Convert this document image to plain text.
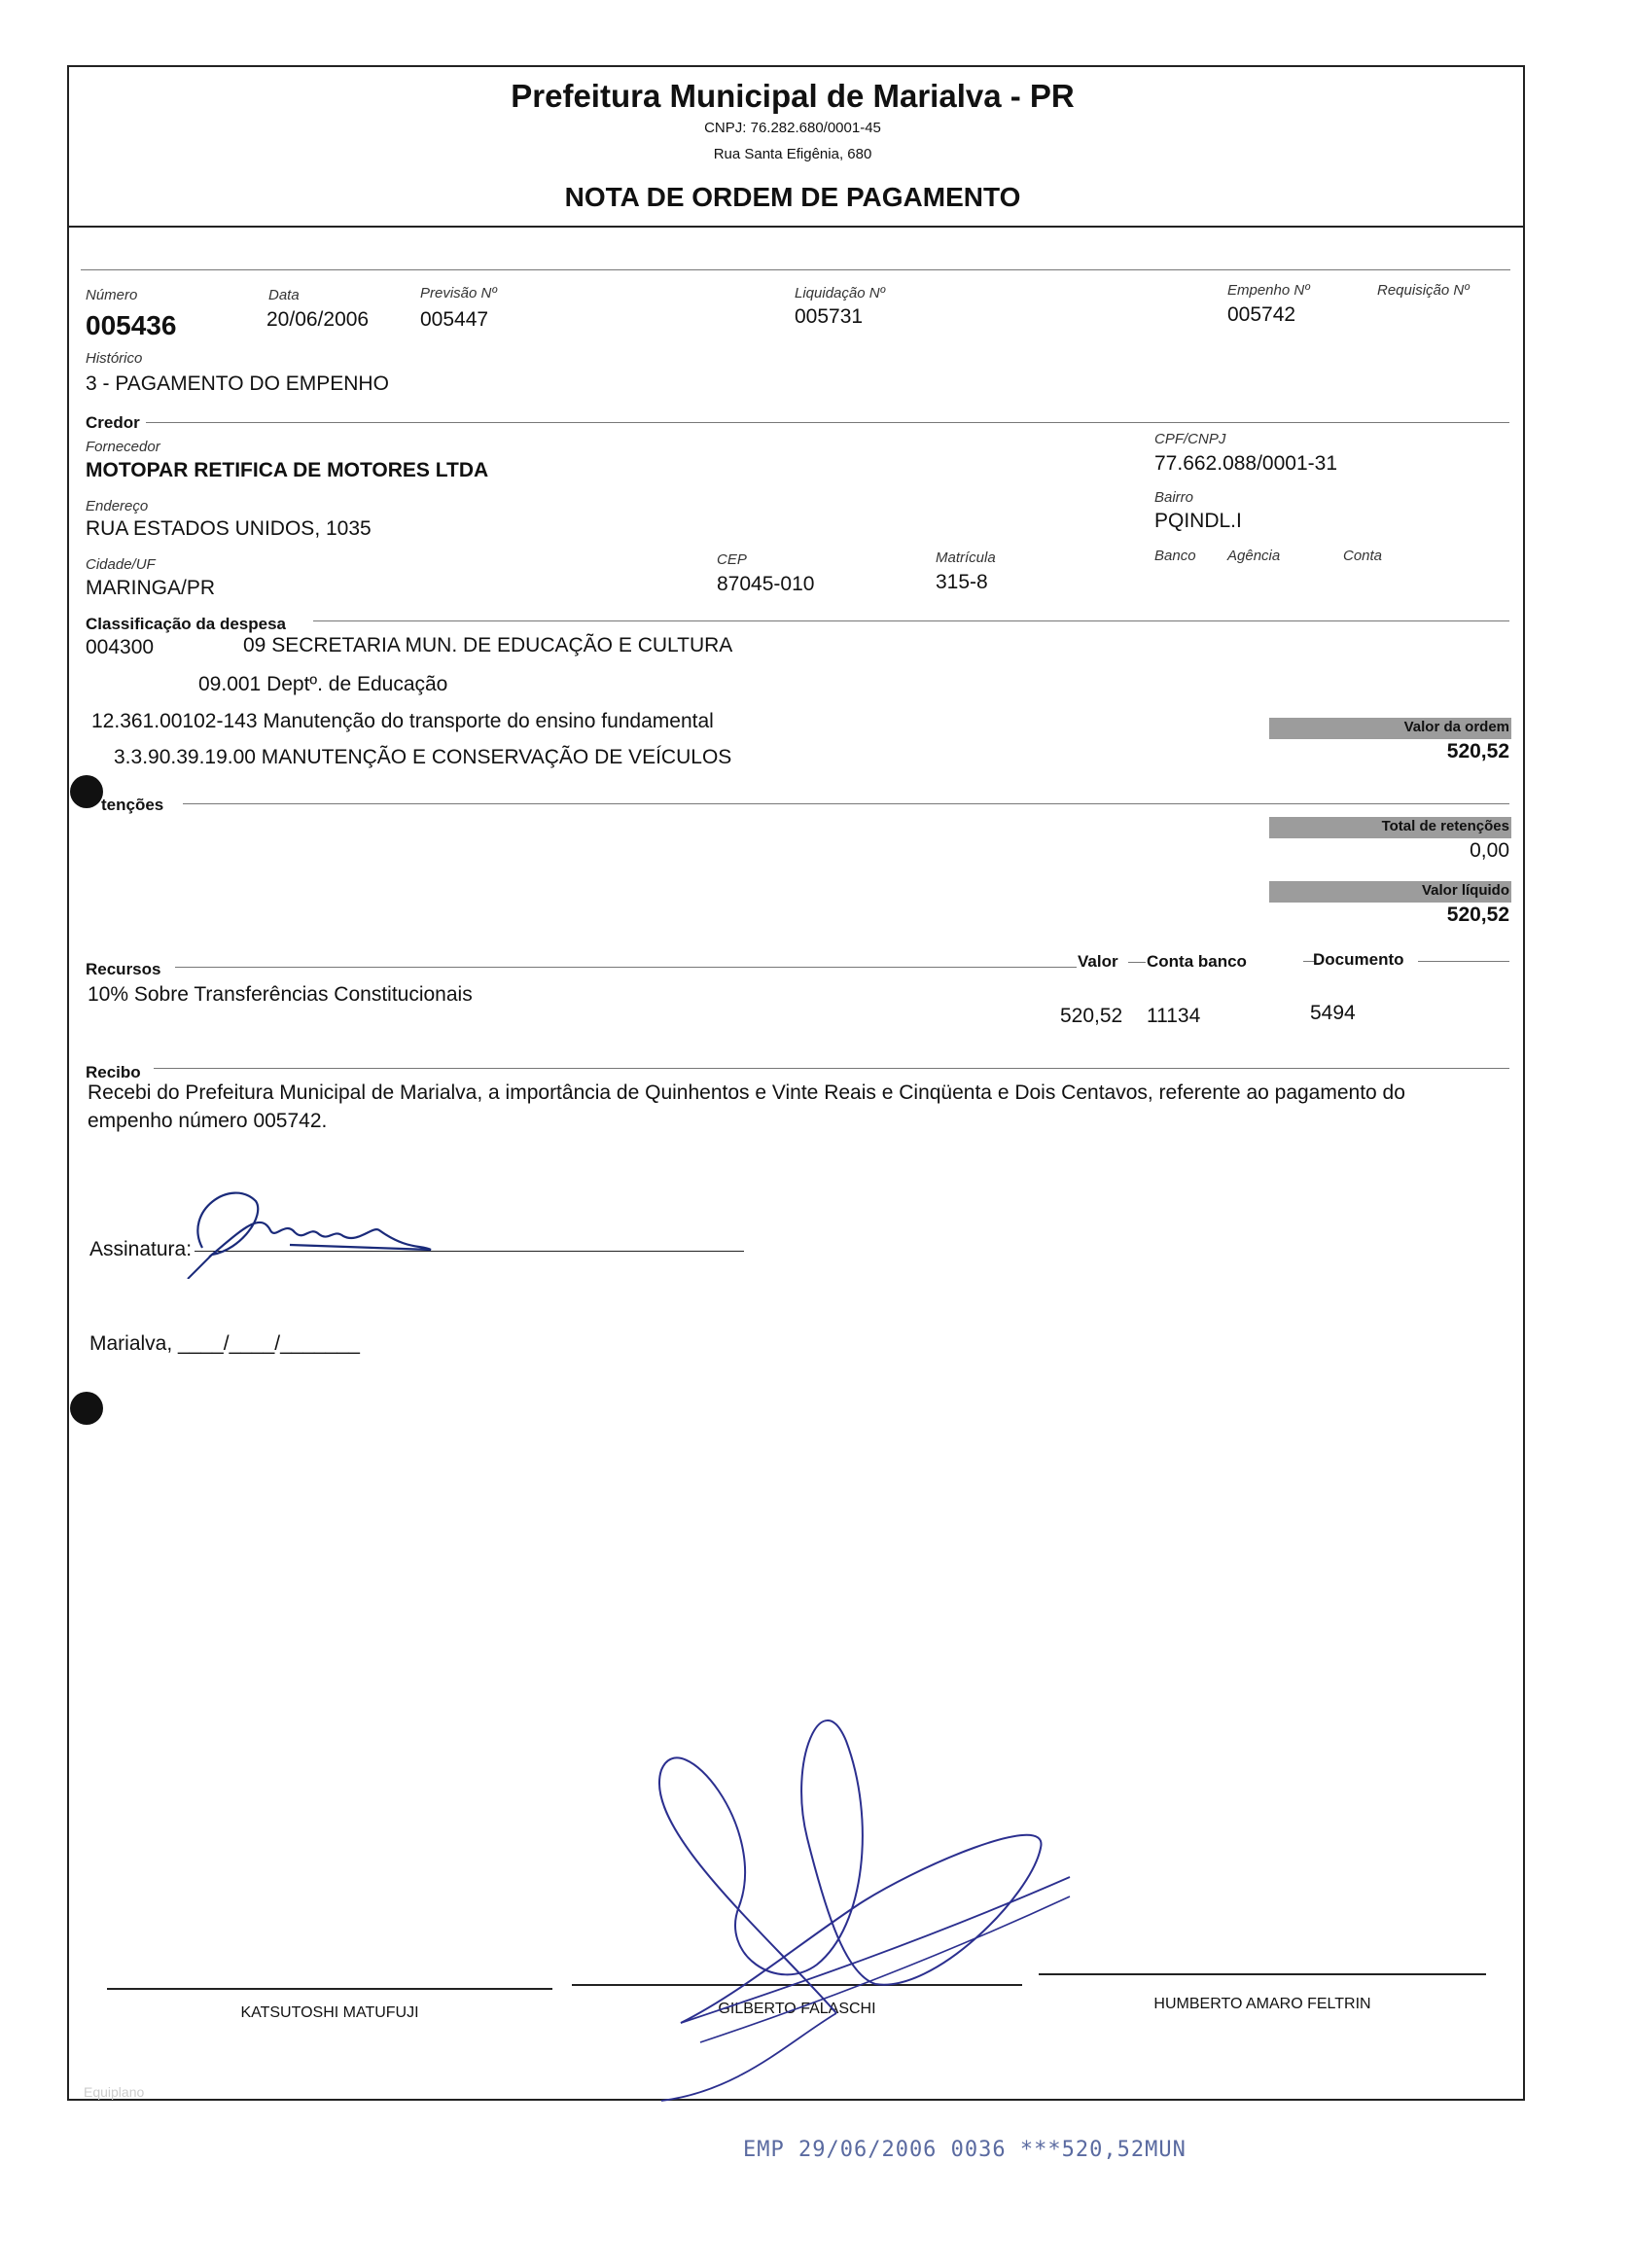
Prefeitura Municipal de Marialva - PR
CNPJ: 76.282.680/0001-45
Rua Santa Efigênia, 680
NOTA DE ORDEM DE PAGAMENTO
Número
005436
Data
20/06/2006
Previsão Nº
005447
Liquidação Nº
005731
Empenho Nº
005742
Requisição Nº
Histórico
3 - PAGAMENTO DO EMPENHO
Credor
Fornecedor
MOTOPAR RETIFICA DE MOTORES LTDA
CPF/CNPJ
77.662.088/0001-31
Endereço
RUA ESTADOS UNIDOS, 1035
Bairro
PQINDL.I
Cidade/UF
MARINGA/PR
CEP
87045-010
Matrícula
315-8
Banco Agência	Conta
Classificação da despesa
004300	09 SECRETARIA MUN. DE EDUCAÇÃO E CULTURA
09.001 Deptº. de Educação
12.361.00102-143 Manutenção do transporte do ensino fundamental
3.3.90.39.19.00 MANUTENÇÃO E CONSERVAÇÃO DE VEÍCULOS
Valor da ordem
520,52
tenções
Total de retenções
0,00
Valor líquido
520,52
Recursos	Valor Conta banco	Documento
10% Sobre Transferências Constitucionais
520,52 11134	5494
Recibo
Recebi do Prefeitura Municipal de Marialva, a importância de Quinhentos e Vinte Reais e Cinqüenta e Dois Centavos, referente ao pagamento do
empenho número 005742.
Assinatura:
Marialva, ____/____/_______
KATSUTOSHI MATUFUJI	GILBERTO FALASCHI	HUMBERTO AMARO FELTRIN
Equiplano
EMP 29/06/2006 0036 ***520,52MUN
